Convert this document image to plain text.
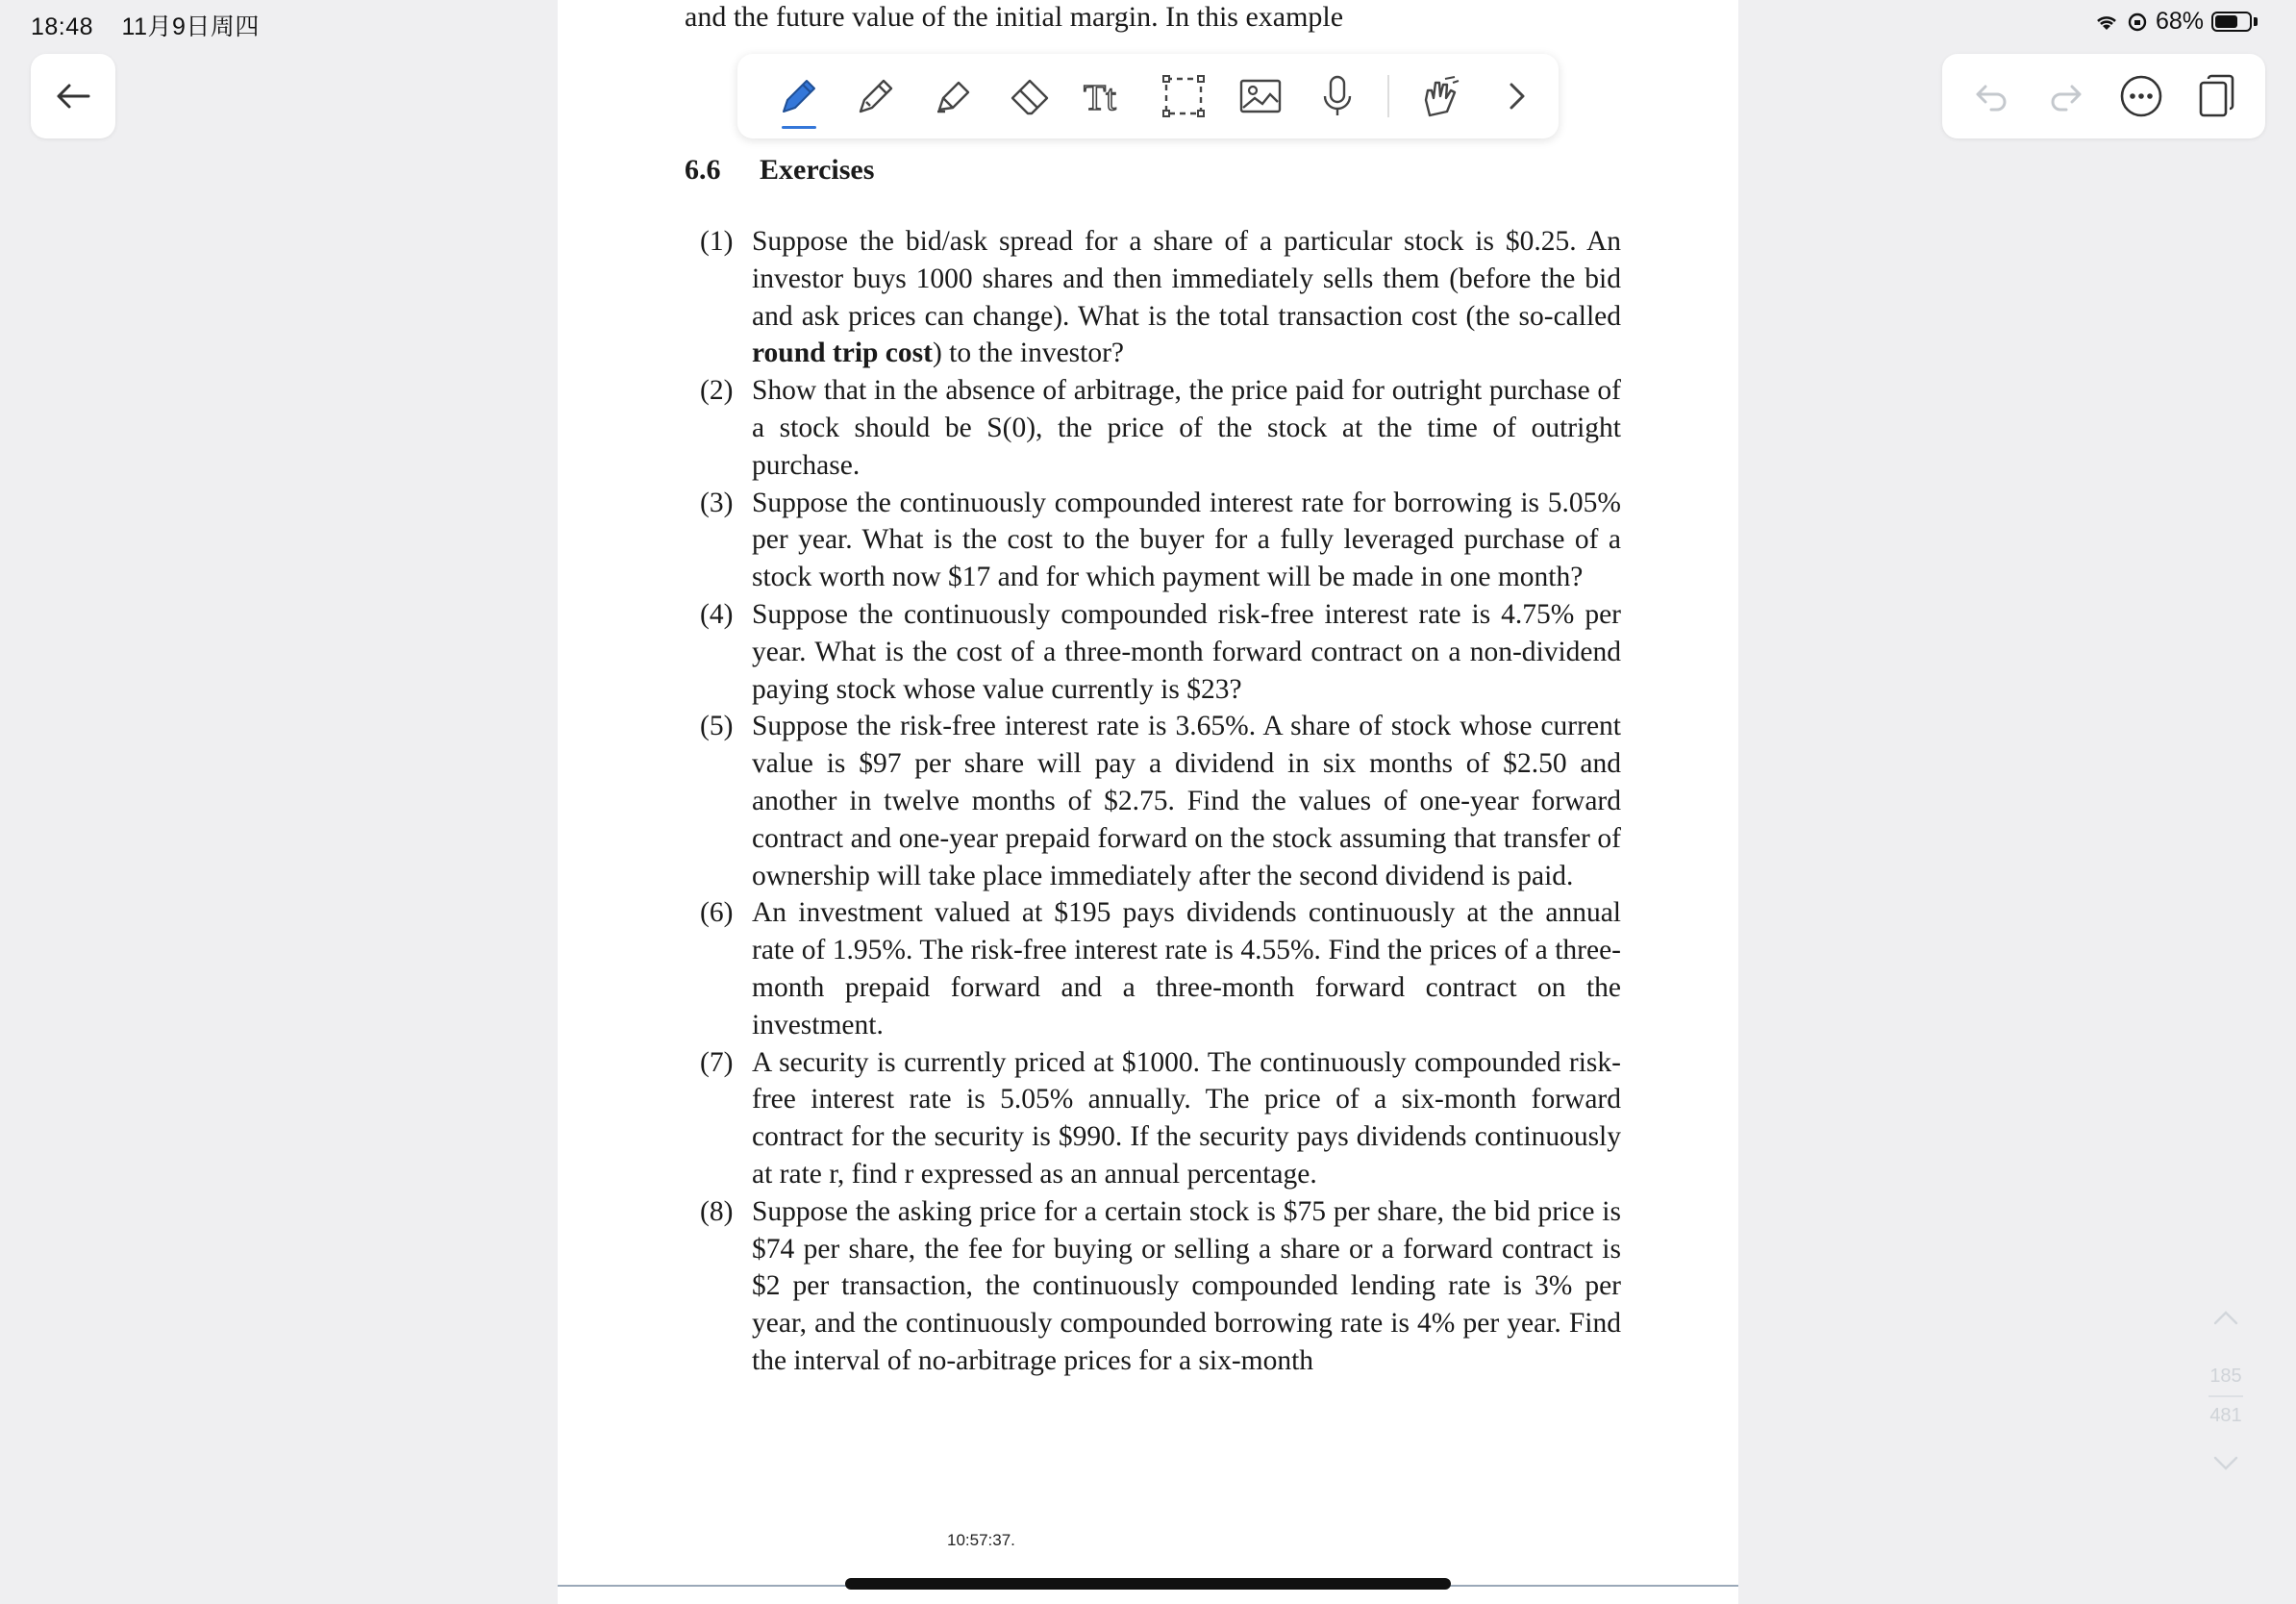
18:48 11月9日周四	68%
and the future value of the initial margin. In this example
6.6 Exercises
(1) Suppose the bid/ask spread for a share of a particular stock is $0.25. An investor buys 1000 shares and then immediately sells them (before the bid and ask prices can change). What is the total transaction cost (the so-called round trip cost) to the investor?
(2) Show that in the absence of arbitrage, the price paid for outright purchase of a stock should be S(0), the price of the stock at the time of outright purchase.
(3) Suppose the continuously compounded interest rate for borrowing is 5.05% per year. What is the cost to the buyer for a fully leveraged purchase of a stock worth now $17 and for which payment will be made in one month?
(4) Suppose the continuously compounded risk-free interest rate is 4.75% per year. What is the cost of a three-month forward contract on a non-dividend paying stock whose value currently is $23?
(5) Suppose the risk-free interest rate is 3.65%. A share of stock whose current value is $97 per share will pay a dividend in six months of $2.50 and another in twelve months of $2.75. Find the values of one-year forward contract and one-year prepaid forward on the stock assuming that transfer of ownership will take place immediately after the second dividend is paid.
(6) An investment valued at $195 pays dividends continuously at the annual rate of 1.95%. The risk-free interest rate is 4.55%. Find the prices of a three-month prepaid forward and a three-month forward contract on the investment.
(7) A security is currently priced at $1000. The continuously compounded risk-free interest rate is 5.05% annually. The price of a six-month forward contract for the security is $990. If the security pays dividends continuously at rate r, find r expressed as an annual percentage.
(8) Suppose the asking price for a certain stock is $75 per share, the bid price is $74 per share, the fee for buying or selling a share or a forward contract is $2 per transaction, the continuously compounded lending rate is 3% per year, and the continuously compounded borrowing rate is 4% per year. Find the interval of no-arbitrage prices for a six-month
10:57:37.
Tt
185
481
